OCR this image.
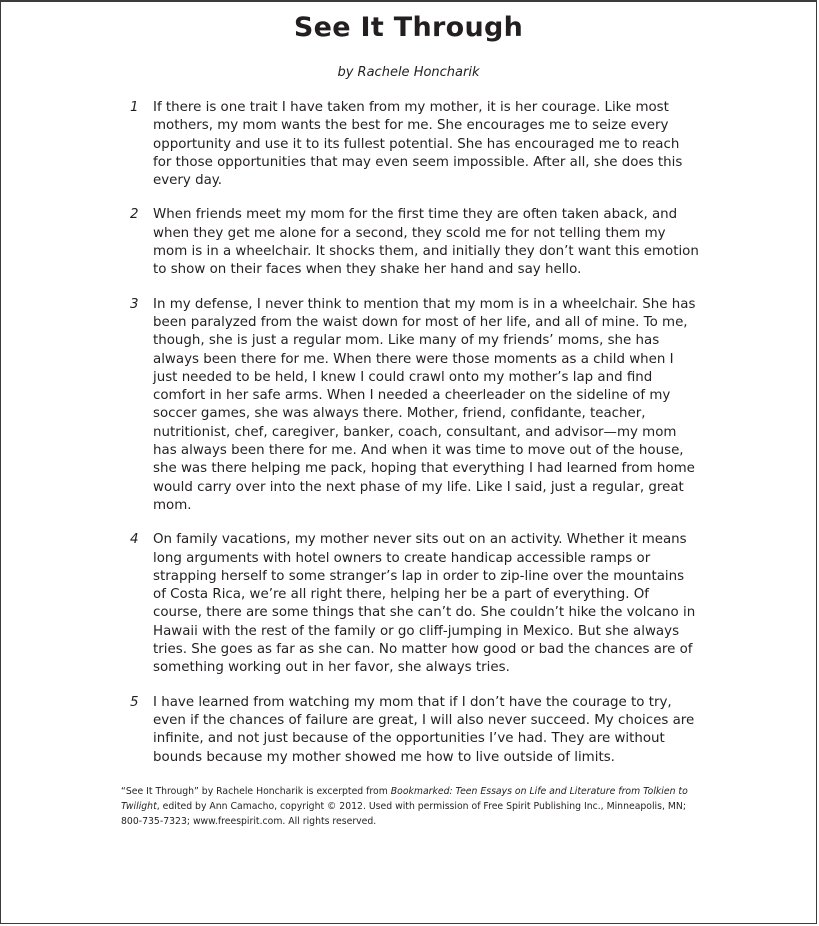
See It Through

by Rachele Honcharik

1 If there is one trait I have taken from my mother, it is her courage. Like most mothers, my mom wants the best for me. She encourages me to seize every opportunity and use it to its fullest potential. She has encouraged me to reach for those opportunities that may even seem impossible. After all, she does this every day.
2 When friends meet my mom for the first time they are often taken aback, and when they get me alone for a second, they scold me for not telling them my mom is in a wheelchair. It shocks them, and initially they don’t want this emotion to show on their faces when they shake her hand and say hello.
3 In my defense, I never think to mention that my mom is in a wheelchair. She has been paralyzed from the waist down for most of her life, and all of mine. To me, though, she is just a regular mom. Like many of my friends’ moms, she has always been there for me. When there were those moments as a child when I just needed to be held, I knew I could crawl onto my mother’s lap and find comfort in her safe arms. When I needed a cheerleader on the sideline of my soccer games, she was always there. Mother, friend, confidante, teacher, nutritionist, chef, caregiver, banker, coach, consultant, and advisor—my mom has always been there for me. And when it was time to move out of the house, she was there helping me pack, hoping that everything I had learned from home would carry over into the next phase of my life. Like I said, just a regular, great mom.
4 On family vacations, my mother never sits out on an activity. Whether it means long arguments with hotel owners to create handicap accessible ramps or strapping herself to some stranger’s lap in order to zip-line over the mountains of Costa Rica, we’re all right there, helping her be a part of everything. Of course, there are some things that she can’t do. She couldn’t hike the volcano in Hawaii with the rest of the family or go cliff-jumping in Mexico. But she always tries. She goes as far as she can. No matter how good or bad the chances are of something working out in her favor, she always tries.
5 I have learned from watching my mom that if I don’t have the courage to try, even if the chances of failure are great, I will also never succeed. My choices are infinite, and not just because of the opportunities I’ve had. They are without bounds because my mother showed me how to live outside of limits.

“See It Through” by Rachele Honcharik is excerpted from Bookmarked: Teen Essays on Life and Literature from Tolkien to Twilight, edited by Ann Camacho, copyright © 2012. Used with permission of Free Spirit Publishing Inc., Minneapolis, MN; 800-735-7323; www.freespirit.com. All rights reserved.
